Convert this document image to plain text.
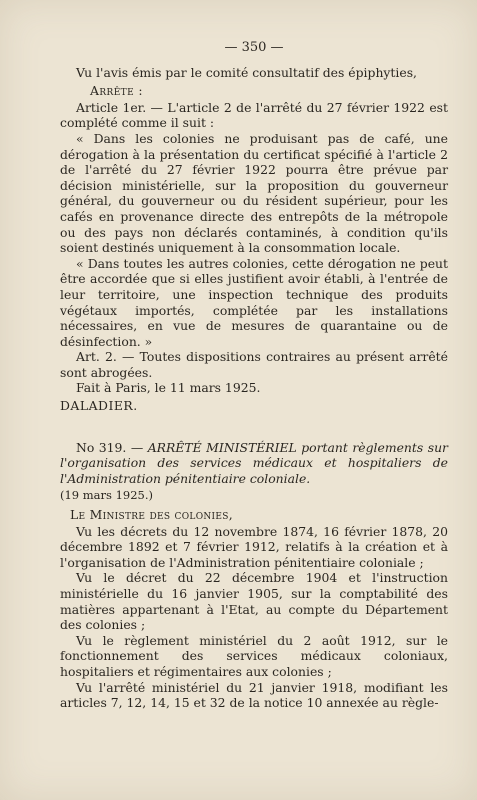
— 350 —

Vu l'avis émis par le comité consultatif des épiphyties,

Arrête :

Article 1er. — L'article 2 de l'arrêté du 27 février 1922 est complété comme il suit :

« Dans les colonies ne produisant pas de café, une dérogation à la présentation du certificat spécifié à l'article 2 de l'arrêté du 27 février 1922 pourra être prévue par décision ministérielle, sur la proposition du gouverneur général, du gouverneur ou du résident supérieur, pour les cafés en provenance directe des entrepôts de la métropole ou des pays non déclarés contaminés, à condition qu'ils soient destinés uniquement à la consommation locale.

« Dans toutes les autres colonies, cette dérogation ne peut être accordée que si elles justifient avoir établi, à l'entrée de leur territoire, une inspection technique des produits végétaux importés, complétée par les installations nécessaires, en vue de mesures de quarantaine ou de désinfection. »

Art. 2. — Toutes dispositions contraires au présent arrêté sont abrogées.

Fait à Paris, le 11 mars 1925.

DALADIER.

No 319. — ARRÊTÉ MINISTÉRIEL portant règlements sur l'organisation des services médicaux et hospitaliers de l'Administration pénitentiaire coloniale.

(19 mars 1925.)

Le Ministre des colonies,

Vu les décrets du 12 novembre 1874, 16 février 1878, 20 décembre 1892 et 7 février 1912, relatifs à la création et à l'organisation de l'Administration pénitentiaire coloniale ;

Vu le décret du 22 décembre 1904 et l'instruction ministérielle du 16 janvier 1905, sur la comptabilité des matières appartenant à l'Etat, au compte du Département des colonies ;

Vu le règlement ministériel du 2 août 1912, sur le fonctionnement des services médicaux coloniaux, hospitaliers et régimentaires aux colonies ;

Vu l'arrêté ministériel du 21 janvier 1918, modifiant les articles 7, 12, 14, 15 et 32 de la notice 10 annexée au règle-
